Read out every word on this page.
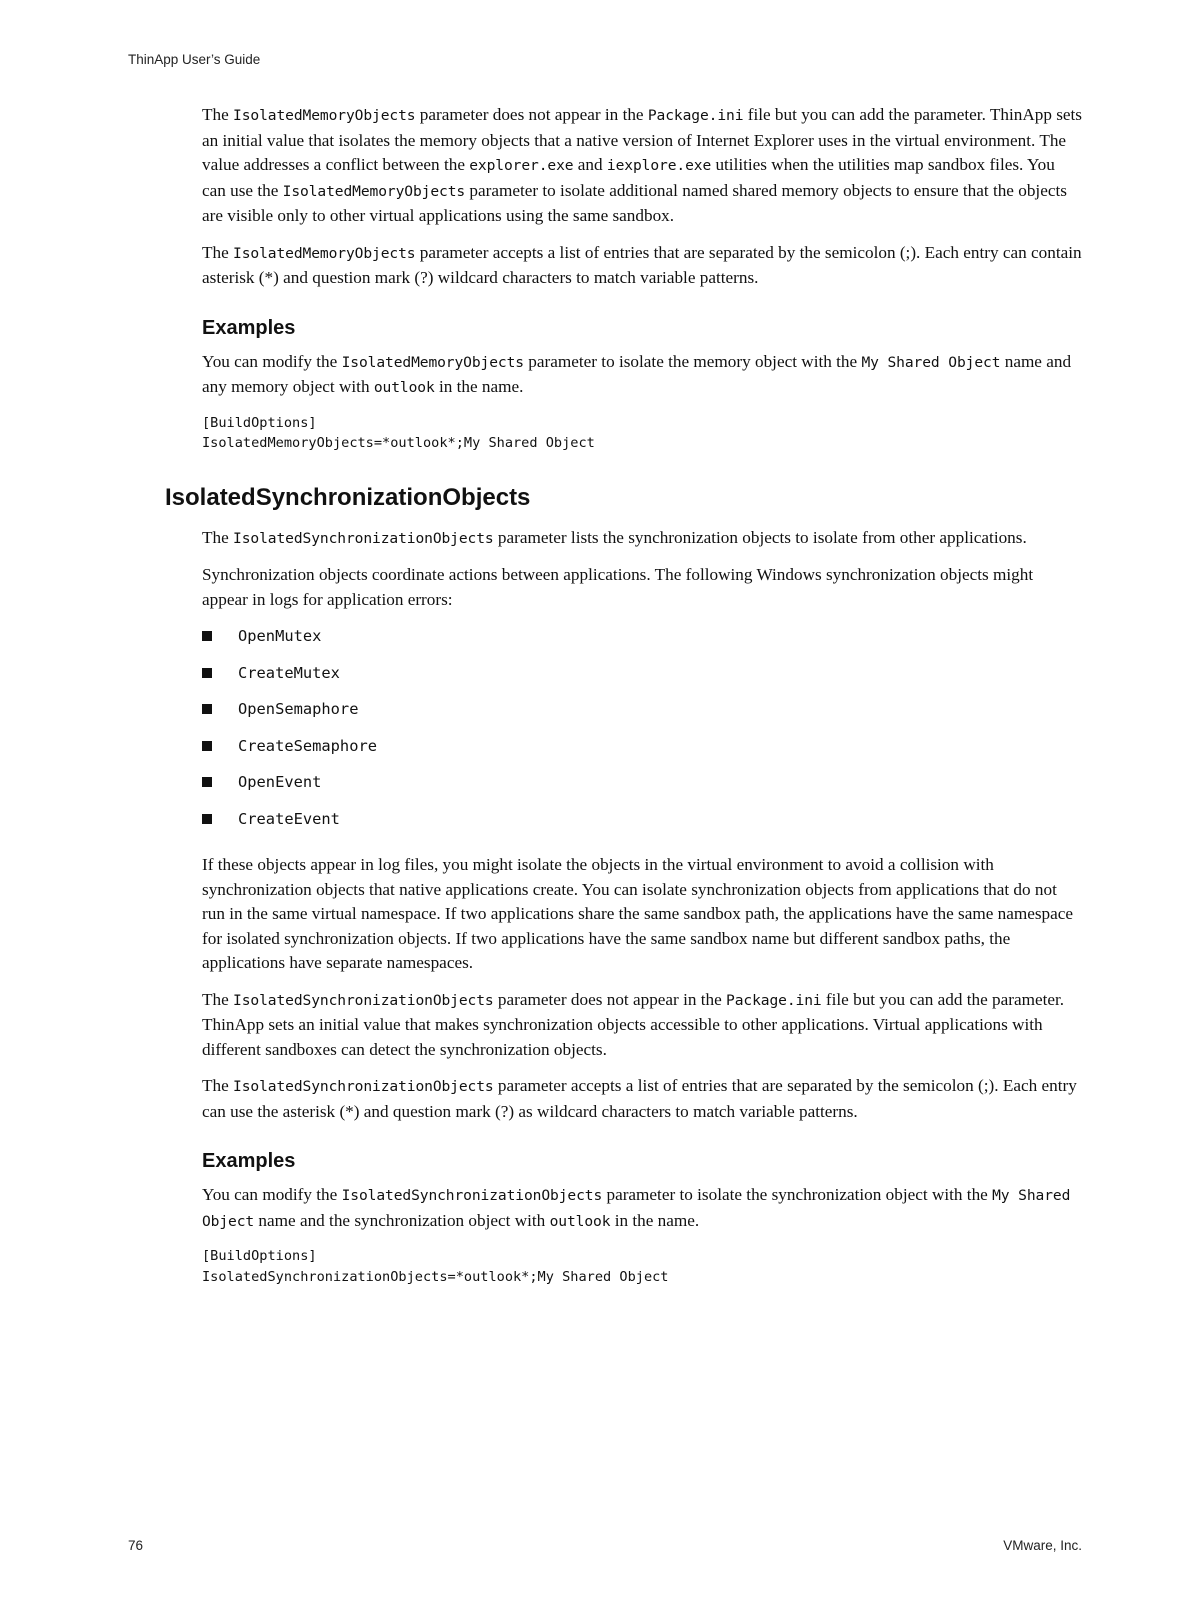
ThinApp User’s Guide

The IsolatedMemoryObjects parameter does not appear in the Package.ini file but you can add the parameter. ThinApp sets an initial value that isolates the memory objects that a native version of Internet Explorer uses in the virtual environment. The value addresses a conflict between the explorer.exe and iexplore.exe utilities when the utilities map sandbox files. You can use the IsolatedMemoryObjects parameter to isolate additional named shared memory objects to ensure that the objects are visible only to other virtual applications using the same sandbox.

The IsolatedMemoryObjects parameter accepts a list of entries that are separated by the semicolon (;). Each entry can contain asterisk (*) and question mark (?) wildcard characters to match variable patterns.

Examples

You can modify the IsolatedMemoryObjects parameter to isolate the memory object with the My Shared Object name and any memory object with outlook in the name.

[BuildOptions]
IsolatedMemoryObjects=*outlook*;My Shared Object
IsolatedSynchronizationObjects

The IsolatedSynchronizationObjects parameter lists the synchronization objects to isolate from other applications.

Synchronization objects coordinate actions between applications. The following Windows synchronization objects might appear in logs for application errors:

OpenMutex
CreateMutex
OpenSemaphore
CreateSemaphore
OpenEvent
CreateEvent

If these objects appear in log files, you might isolate the objects in the virtual environment to avoid a collision with synchronization objects that native applications create. You can isolate synchronization objects from applications that do not run in the same virtual namespace. If two applications share the same sandbox path, the applications have the same namespace for isolated synchronization objects. If two applications have the same sandbox name but different sandbox paths, the applications have separate namespaces.

The IsolatedSynchronizationObjects parameter does not appear in the Package.ini file but you can add the parameter. ThinApp sets an initial value that makes synchronization objects accessible to other applications. Virtual applications with different sandboxes can detect the synchronization objects.

The IsolatedSynchronizationObjects parameter accepts a list of entries that are separated by the semicolon (;). Each entry can use the asterisk (*) and question mark (?) as wildcard characters to match variable patterns.

Examples

You can modify the IsolatedSynchronizationObjects parameter to isolate the synchronization object with the My Shared Object name and the synchronization object with outlook in the name.

[BuildOptions]
IsolatedSynchronizationObjects=*outlook*;My Shared Object
76	VMware, Inc.
